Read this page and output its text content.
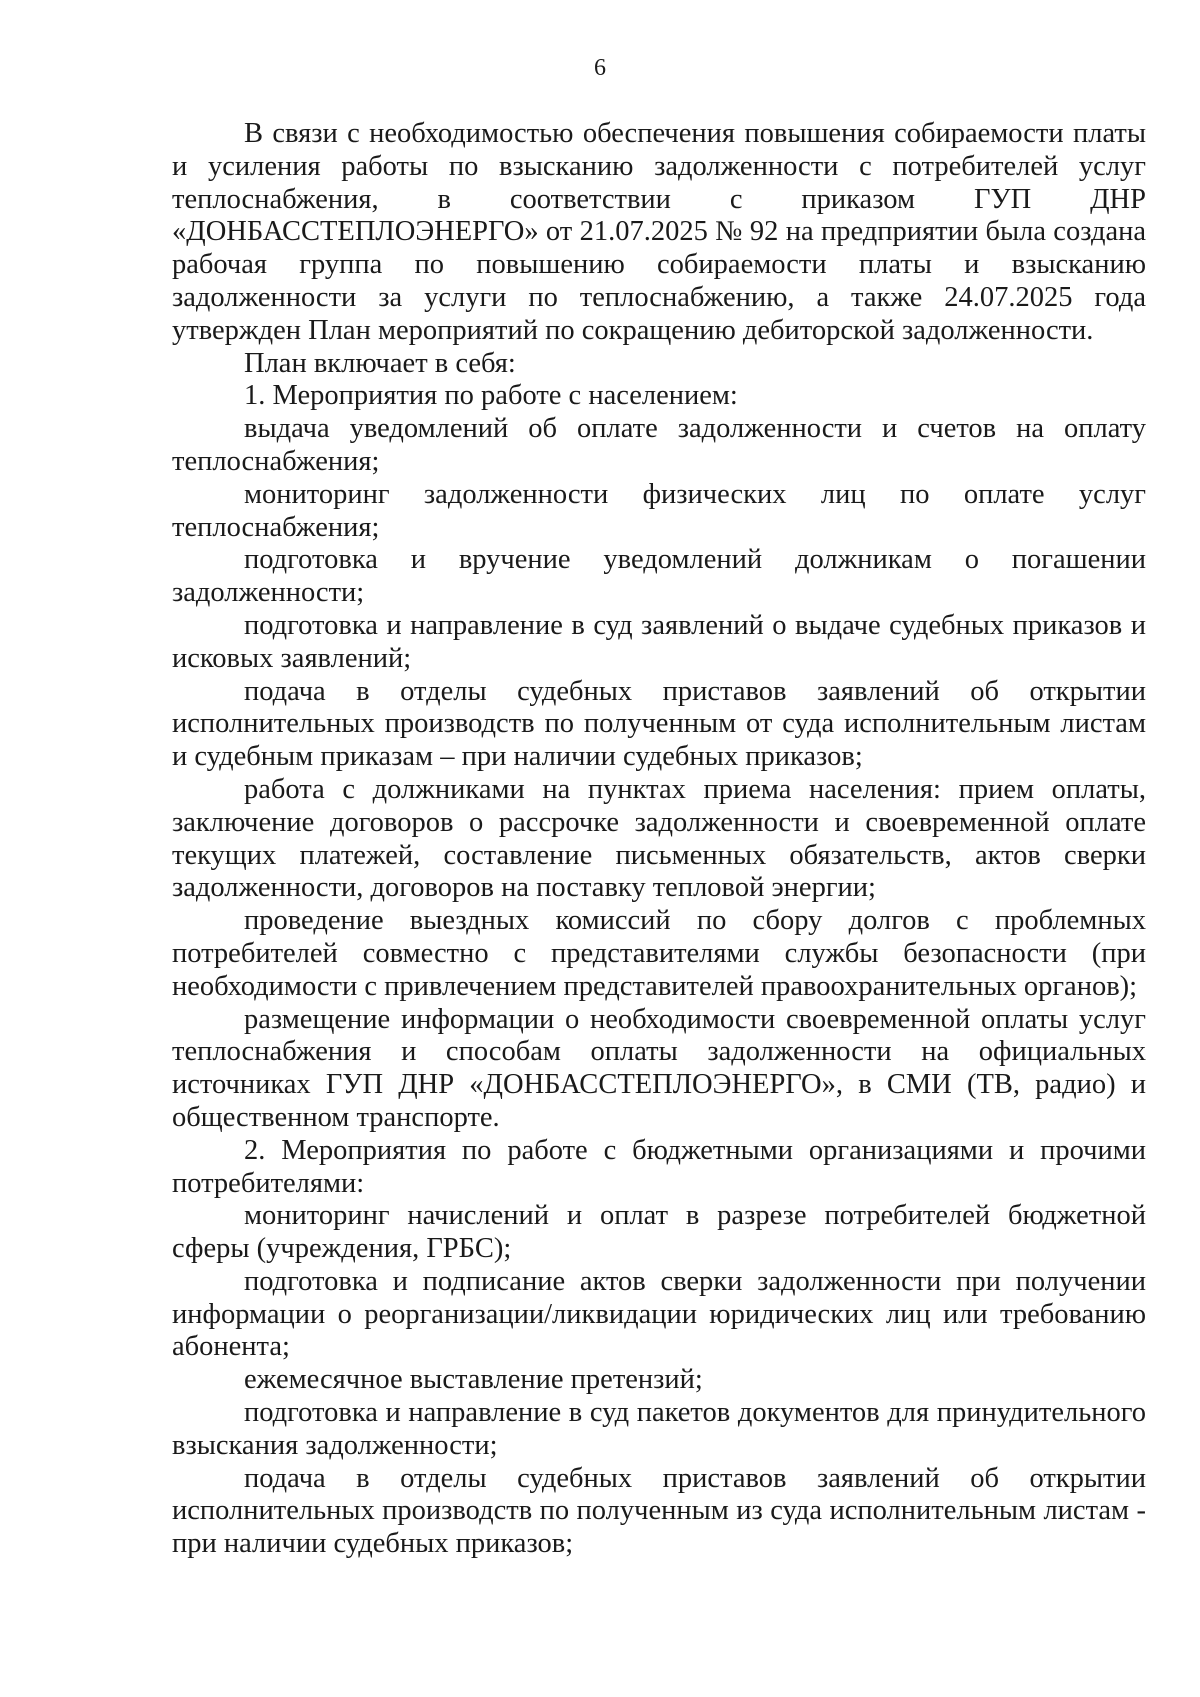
6

В связи с необходимостью обеспечения повышения собираемости платы и усиления работы по взысканию задолженности с потребителей услуг теплоснабжения, в соответствии с приказом ГУП ДНР «ДОНБАССТЕПЛОЭНЕРГО» от 21.07.2025 № 92 на предприятии была создана рабочая группа по повышению собираемости платы и взысканию задолженности за услуги по теплоснабжению, а также 24.07.2025 года утвержден План мероприятий по сокращению дебиторской задолженности.

План включает в себя:

1. Мероприятия по работе с населением:

выдача уведомлений об оплате задолженности и счетов на оплату теплоснабжения;

мониторинг задолженности физических лиц по оплате услуг теплоснабжения;

подготовка и вручение уведомлений должникам о погашении задолженности;

подготовка и направление в суд заявлений о выдаче судебных приказов и исковых заявлений;

подача в отделы судебных приставов заявлений об открытии исполнительных производств по полученным от суда исполнительным листам и судебным приказам – при наличии судебных приказов;

работа с должниками на пунктах приема населения: прием оплаты, заключение договоров о рассрочке задолженности и своевременной оплате текущих платежей, составление письменных обязательств, актов сверки задолженности, договоров на поставку тепловой энергии;

проведение выездных комиссий по сбору долгов с проблемных потребителей совместно с представителями службы безопасности (при необходимости с привлечением представителей правоохранительных органов);

размещение информации о необходимости своевременной оплаты услуг теплоснабжения и способам оплаты задолженности на официальных источниках ГУП ДНР «ДОНБАССТЕПЛОЭНЕРГО», в СМИ (ТВ, радио) и общественном транспорте.

2. Мероприятия по работе с бюджетными организациями и прочими потребителями:

мониторинг начислений и оплат в разрезе потребителей бюджетной сферы (учреждения, ГРБС);

подготовка и подписание актов сверки задолженности при получении информации о реорганизации/ликвидации юридических лиц или требованию абонента;

ежемесячное выставление претензий;

подготовка и направление в суд пакетов документов для принудительного взыскания задолженности;

подача в отделы судебных приставов заявлений об открытии исполнительных производств по полученным из суда исполнительным листам - при наличии судебных приказов;
